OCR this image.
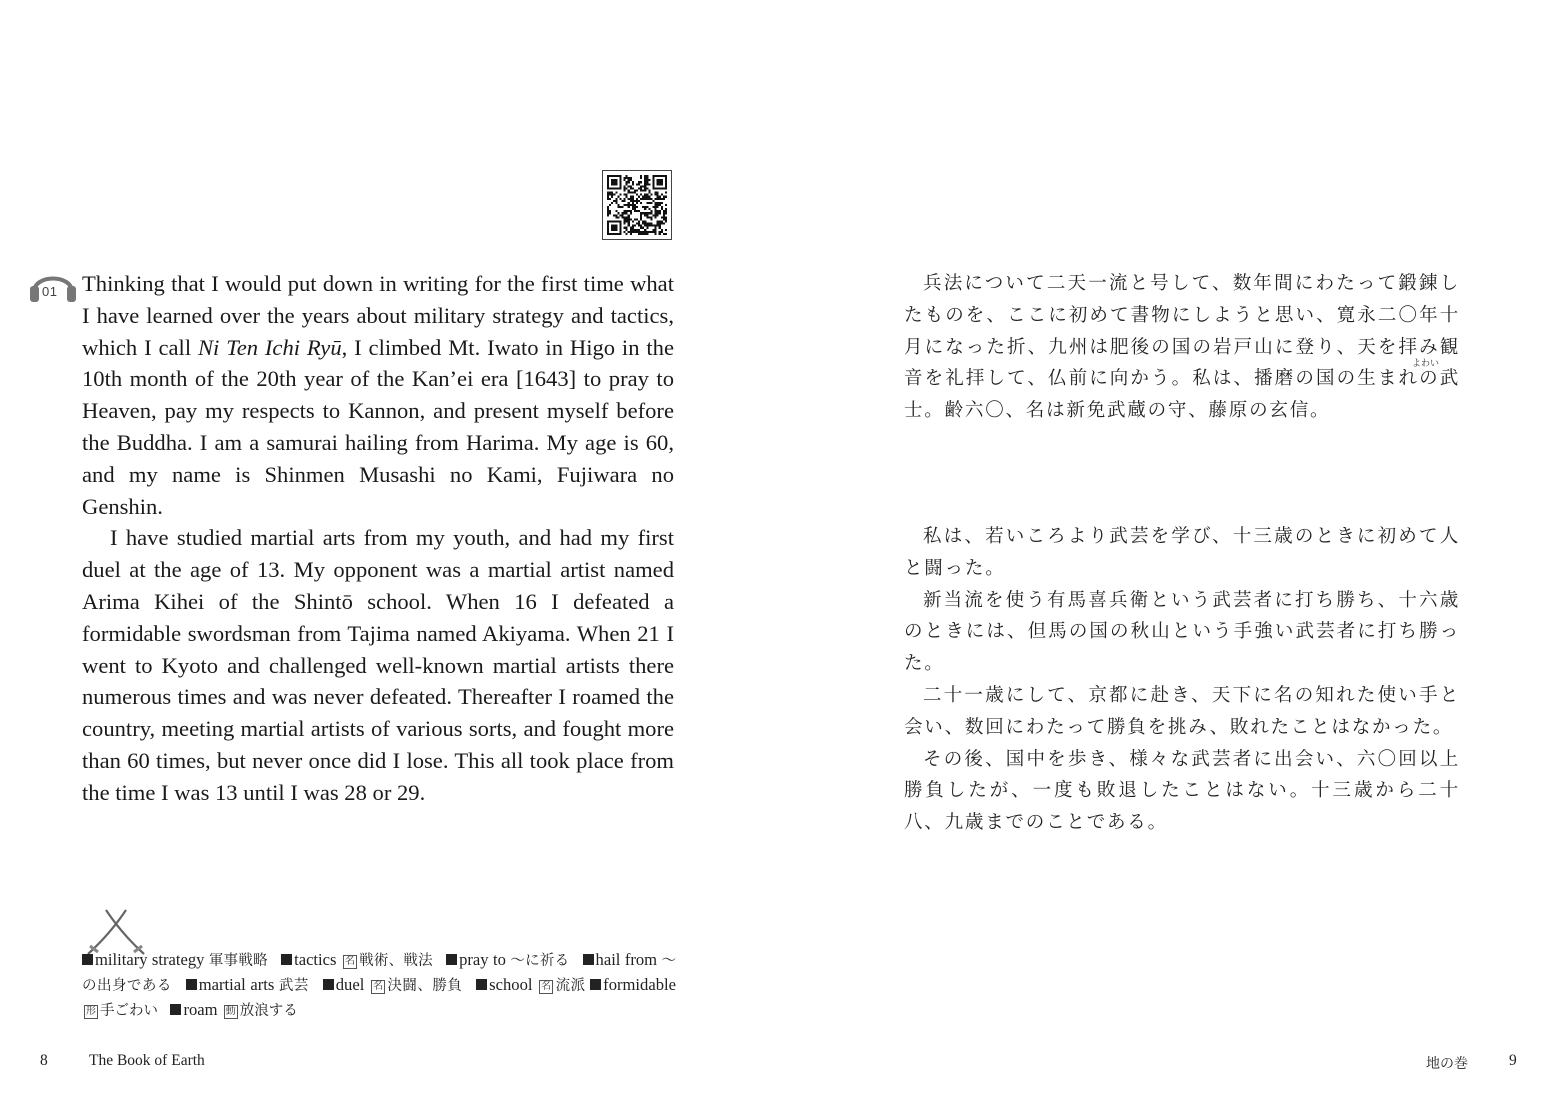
01 Thinking that I would put down in writing for the first time what I have learned over the years about military strategy and tactics, which I call Ni Ten Ichi Ryū, I climbed Mt. Iwato in Higo in the 10th month of the 20th year of the Kan’ei era [1643] to pray to Heaven, pay my respects to Kannon, and present myself before the Buddha. I am a samurai hailing from Harima. My age is 60, and my name is Shinmen Musashi no Kami, Fujiwara no Genshin.

I have studied martial arts from my youth, and had my first duel at the age of 13. My opponent was a martial artist named Arima Kihei of the Shintō school. When 16 I defeated a formidable swordsman from Tajima named Akiyama. When 21 I went to Kyoto and challenged well-known martial artists there numerous times and was never defeated. Thereafter I roamed the country, meeting martial artists of various sorts, and fought more than 60 times, but never once did I lose. This all took place from the time I was 13 until I was 28 or 29.

兵法について二天一流と号して、数年間にわたって鍛錬したものを、ここに初めて書物にしようと思い、寛永二〇年十月になった折、九州は肥後の国の岩戸山に登り、天を拝み観音を礼拝して、仏前に向かう。私は、播磨の国の生まれの武士。齢六〇、名は新免武蔵の守、藤原の玄信。

よわい

私は、若いころより武芸を学び、十三歳のときに初めて人と闘った。

新当流を使う有馬喜兵衛という武芸者に打ち勝ち、十六歳のときには、但馬の国の秋山という手強い武芸者に打ち勝った。

二十一歳にして、京都に赴き、天下に名の知れた使い手と会い、数回にわたって勝負を挑み、敗れたことはなかった。

その後、国中を歩き、様々な武芸者に出会い、六〇回以上勝負したが、一度も敗退したことはない。十三歳から二十八、九歳までのことである。

military strategy 軍事戦略 tactics 名 戦術、戦法 pray to ～に祈る hail from ～の出身である martial arts 武芸 duel 名 決闘、勝負 school 名 流派 formidable 形 手ごわい roam 動 放浪する
8	The Book of Earth	地の巻	9
